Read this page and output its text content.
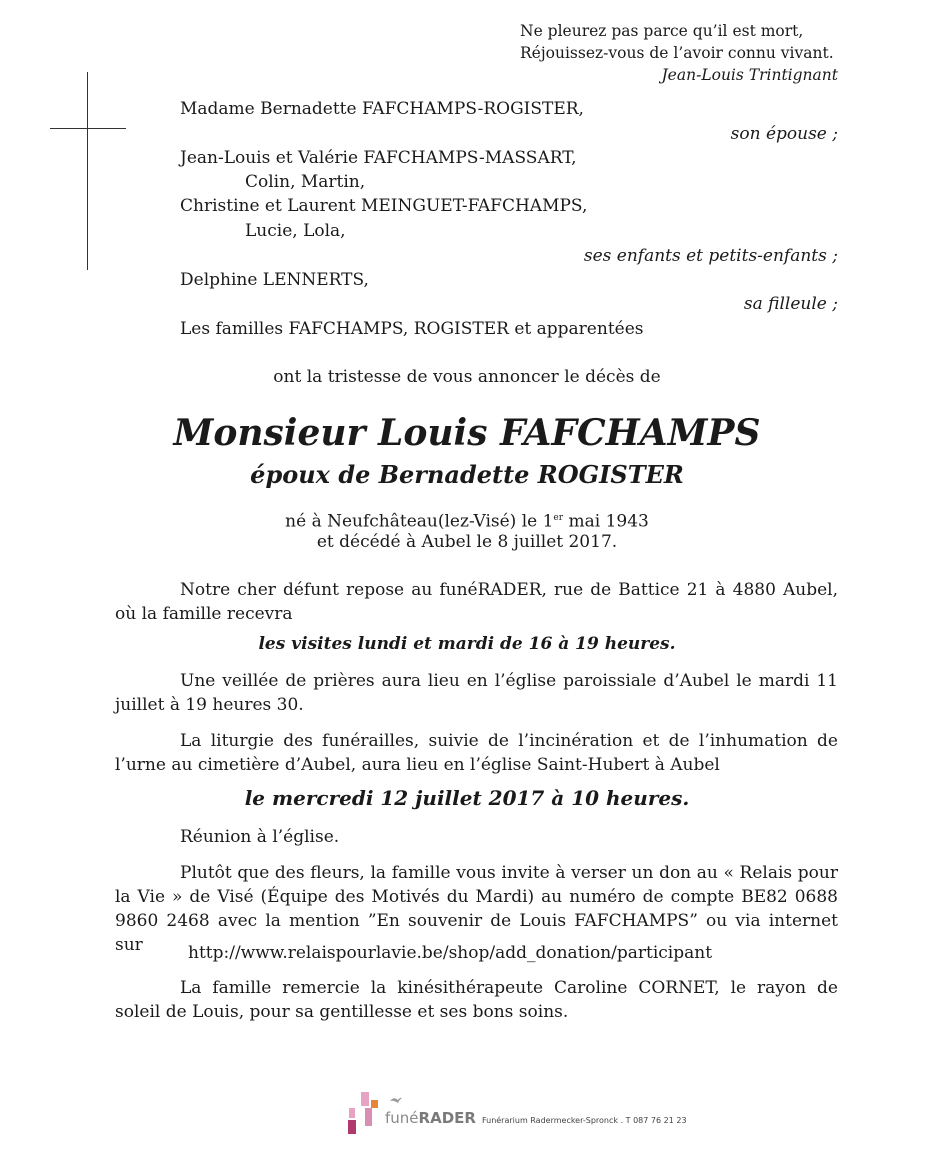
Ne pleurez pas parce qu’il est mort,
Réjouissez-vous de l’avoir connu vivant.
Jean-Louis Trintignant
Madame Bernadette FAFCHAMPS-ROGISTER,
son épouse ;
Jean-Louis et Valérie FAFCHAMPS-MASSART,
Colin, Martin,
Christine et Laurent MEINGUET-FAFCHAMPS,
Lucie, Lola,
ses enfants et petits-enfants ;
Delphine LENNERTS,
sa filleule ;
Les familles FAFCHAMPS, ROGISTER et apparentées
ont la tristesse de vous annoncer le décès de
Monsieur Louis FAFCHAMPS
époux de Bernadette ROGISTER
né à Neufchâteau(lez-Visé) le 1er mai 1943
et décédé à Aubel le 8 juillet 2017.
Notre cher défunt repose au funéRADER, rue de Battice 21 à 4880 Aubel, où la famille recevra
les visites lundi et mardi de 16 à 19 heures.
Une veillée de prières aura lieu en l’église paroissiale d’Aubel le mardi 11 juillet à 19 heures 30.
La liturgie des funérailles, suivie de l’incinération et de l’inhumation de l’urne au cimetière d’Aubel, aura lieu en l’église Saint-Hubert à Aubel
le mercredi 12 juillet 2017 à 10 heures.
Réunion à l’église.
Plutôt que des fleurs, la famille vous invite à verser un don au « Relais pour la Vie » de Visé (Équipe des Motivés du Mardi) au numéro de compte BE82 0688 9860 2468 avec la mention ”En souvenir de Louis FAFCHAMPS” ou via internet sur	http://www.relaispourlavie.be/shop/add_donation/participant
La famille remercie la kinésithérapeute Caroline CORNET, le rayon de soleil de Louis, pour sa gentillesse et ses bons soins.
funéRADER Funérarium Radermecker-Spronck . T 087 76 21 23
